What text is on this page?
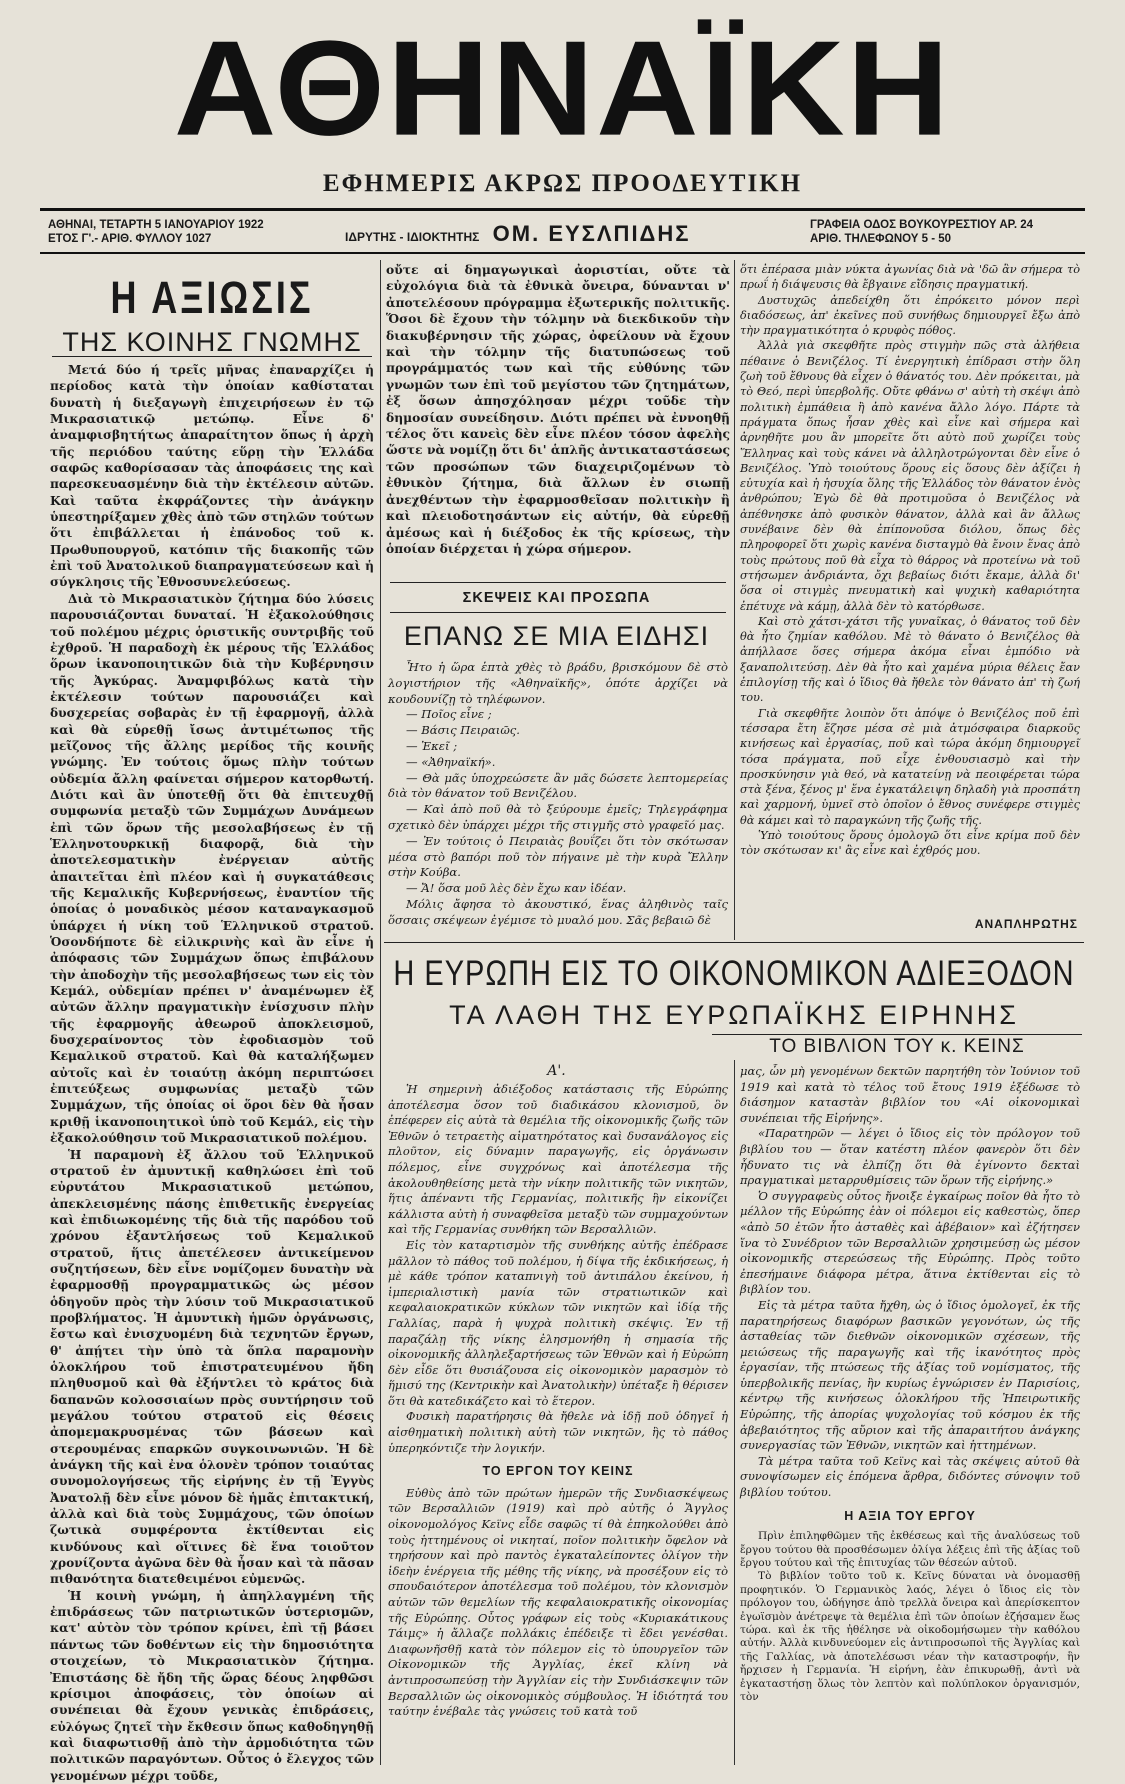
ΑΘΗΝΑΪΚΗ
ΕΦΗΜΕΡΙΣ ΑΚΡΩΣ ΠΡΟΟΔΕΥΤΙΚΗ
ΑΘΗΝΑΙ, ΤΕΤΑΡΤΗ 5 ΙΑΝΟΥΑΡΙΟΥ 1922
ΕΤΟΣ Γ'.- ΑΡΙΘ. ΦΥΛΛΟΥ 1027	ΙΔΡΥΤΗΣ - ΙΔΙΟΚΤΗΤΗΣ ΟΜ. ΕΥΣΛΠΙΔΗΣ	ΓΡΑΦΕΙΑ ΟΔΟΣ ΒΟΥΚΟΥΡΕΣΤΙΟΥ ΑΡ. 24
ΑΡΙΘ. ΤΗΛΕΦΩΝΟΥ 5 - 50
Η ΑΞΙΩΣΙΣ
ΤΗΣ ΚΟΙΝΗΣ ΓΝΩΜΗΣ

Μετά δύο ή τρεῖς μῆνας ἐπαναρχίζει ἡ περίοδος κατὰ τὴν ὁποίαν καθίσταται δυνατὴ ἡ διεξαγωγὴ ἐπιχειρήσεων ἐν τῷ Μικρασιατικῷ μετώπῳ. Εἶνε δ' ἀναμφισβητήτως ἀπαραίτητον ὅπως ἡ ἀρχὴ τῆς περιόδου ταύτης εὕρῃ τὴν Ἑλλάδα σαφῶς καθορίσασαν τὰς ἀποφάσεις της καὶ παρεσκευασμένην διὰ τὴν ἐκτέλεσιν αὐτῶν. Καὶ ταῦτα ἐκφράζοντες τὴν ἀνάγκην ὑπεστηρίξαμεν χθὲς ἀπὸ τῶν στηλῶν τούτων ὅτι ἐπιβάλλεται ἡ ἐπάνοδος τοῦ κ. Πρωθυπουργοῦ, κατόπιν τῆς διακοπῆς τῶν ἐπὶ τοῦ Ἀνατολικοῦ διαπραγματεύσεων καὶ ἡ σύγκλησις τῆς Ἐθνοσυνελεύσεως.

Διὰ τὸ Μικρασιατικὸν ζήτημα δύο λύσεις παρουσιάζονται δυναταί. Ἡ ἐξακολούθησις τοῦ πολέμου μέχρις ὁριστικῆς συντριβῆς τοῦ ἐχθροῦ. Ἡ παραδοχὴ ἐκ μέρους τῆς Ἑλλάδος ὅρων ἱκανοποιητικῶν διὰ τὴν Κυβέρνησιν τῆς Ἀγκύρας. Ἀναμφιβόλως κατὰ τὴν ἐκτέλεσιν τούτων παρουσιάζει καὶ δυσχερείας σοβαρὰς ἐν τῇ ἐφαρμογῇ, ἀλλὰ καὶ θὰ εὑρεθῇ ἴσως ἀντιμέτωπος τῆς μεῖζονος τῆς ἄλλης μερίδος τῆς κοινῆς γνώμης. Ἐν τούτοις ὅμως πλὴν τούτων οὐδεμία ἄλλη φαίνεται σήμερον κατορθωτή. Διότι καὶ ἂν ὑποτεθῇ ὅτι θὰ ἐπιτευχθῇ συμφωνία μεταξὺ τῶν Συμμάχων Δυνάμεων ἐπὶ τῶν ὅρων τῆς μεσολαβήσεως ἐν τῇ Ἑλληνοτουρκικῇ διαφορᾷ, διὰ τὴν ἀποτελεσματικὴν ἐνέργειαν αὐτῆς ἀπαιτεῖται ἐπὶ πλέον καὶ ἡ συγκατάθεσις τῆς Κεμαλικῆς Κυβερνήσεως, ἐναντίον τῆς ὁποίας ὁ μοναδικὸς μέσον καταναγκασμοῦ ὑπάρχει ἡ νίκη τοῦ Ἑλληνικοῦ στρατοῦ. Ὁσονδήποτε δὲ εἰλικρινὴς καὶ ἂν εἶνε ἡ ἀπόφασις τῶν Συμμάχων ὅπως ἐπιβάλουν τὴν ἀποδοχὴν τῆς μεσολαβήσεως των εἰς τὸν Κεμάλ, οὐδεμίαν πρέπει ν' ἀναμένωμεν ἐξ αὐτῶν ἄλλην πραγματικὴν ἐνίσχυσιν πλὴν τῆς ἐφαρμογῆς ἀθεωροῦ ἀποκλεισμοῦ, δυσχεραίνοντος τὸν ἐφοδιασμὸν τοῦ Κεμαλικοῦ στρατοῦ. Καὶ θὰ καταλήξωμεν αὐτοῖς καὶ ἐν τοιαύτῃ ἀκόμη περιπτώσει ἐπιτεύξεως συμφωνίας μεταξὺ τῶν Συμμάχων, τῆς ὁποίας οἱ ὅροι δὲν θὰ ἦσαν κριθῇ ἱκανοποιητικοὶ ὑπὸ τοῦ Κεμάλ, εἰς τὴν ἐξακολούθησιν τοῦ Μικρασιατικοῦ πολέμου.

Ἡ παραμονὴ ἐξ ἄλλου τοῦ Ἑλληνικοῦ στρατοῦ ἐν ἀμυντικῇ καθηλώσει ἐπὶ τοῦ εὐρυτάτου Μικρασιατικοῦ μετώπου, ἀπεκλεισμένης πάσης ἐπιθετικῆς ἐνεργείας καὶ ἐπιδιωκομένης τῆς διὰ τῆς παρόδου τοῦ χρόνου ἐξαντλήσεως τοῦ Κεμαλικοῦ στρατοῦ, ἥτις ἀπετέλεσεν ἀντικείμενον συζητήσεων, δὲν εἶνε νομίζομεν δυνατὴν νὰ ἐφαρμοσθῇ προγραμματικῶς ὡς μέσον ὁδηγοῦν πρὸς τὴν λύσιν τοῦ Μικρασιατικοῦ προβλήματος. Ἡ ἀμυντικὴ ἡμῶν ὀργάνωσις, ἔστω καὶ ἐνισχυομένη διὰ τεχνητῶν ἔργων, θ' ἀπῄτει τὴν ὑπὸ τὰ ὅπλα παραμονὴν ὁλοκλήρου τοῦ ἐπιστρατευμένου ἤδη πληθυσμοῦ καὶ θὰ ἐξήντλει τὸ κράτος διὰ δαπανῶν κολοσσιαίων πρὸς συντήρησιν τοῦ μεγάλου τούτου στρατοῦ εἰς θέσεις ἀπομεμακρυσμένας τῶν βάσεων καὶ στερουμένας επαρκῶν συγκοινωνιῶν. Ἡ δὲ ἀνάγκη τῆς καὶ ἐνα ὁλονὲν τρόπον τοιαύτας συνομολογήσεως τῆς εἰρήνης ἐν τῇ Ἐγγὺς Ἀνατολῇ δὲν εἶνε μόνον δὲ ἡμᾶς ἐπιτακτική, ἀλλὰ καὶ διὰ τοὺς Συμμάχους, τῶν ὁποίων ζωτικὰ συμφέροντα ἐκτίθενται εἰς κινδύνους καὶ οἵτινες δὲ ἕνα τοιοῦτον χρονίζοντα ἀγῶνα δὲν θὰ ἦσαν καὶ τὰ πᾶσαν πιθανότητα διατεθειμένοι εὐμενῶς.

Ἡ κοινὴ γνώμη, ἡ ἀπηλλαγμένη τῆς ἐπιδράσεως τῶν πατριωτικῶν ὑστερισμῶν, κατ' αὐτὸν τὸν τρόπον κρίνει, ἐπὶ τῇ βάσει πάντως τῶν δοθέντων εἰς τὴν δημοσιότητα στοιχείων, τὸ Μικρασιατικὸν ζήτημα. Ἐπιστάσης δὲ ἤδη τῆς ὥρας δέους ληφθῶσι κρίσιμοι ἀποφάσεις, τὸν ὁποίων αἱ συνέπειαι θὰ ἔχουν γενικὰς ἐπιδράσεις, εὐλόγως ζητεῖ τὴν ἔκθεσιν ὅπως καθοδηγηθῇ καὶ διαφωτισθῇ ἀπὸ τὴν ἀρμοδιότητα τῶν πολιτικῶν παραγόντων. Οὗτος ὁ ἔλεγχος τῶν γενομένων μέχρι τοῦδε,

οὔτε αἱ δημαγωγικαὶ ἀοριστίαι, οὔτε τὰ εὐχολόγια διὰ τὰ ἐθνικὰ ὄνειρα, δύνανται ν' ἀποτελέσουν πρόγραμμα ἐξωτερικῆς πολιτικῆς. Ὅσοι δὲ ἔχουν τὴν τόλμην νὰ διεκδικοῦν τὴν διακυβέρνησιν τῆς χώρας, ὀφείλουν νὰ ἔχουν καὶ τὴν τόλμην τῆς διατυπώσεως τοῦ προγράμματός των καὶ τῆς εὐθύνης τῶν γνωμῶν των ἐπὶ τοῦ μεγίστου τῶν ζητημάτων, ἐξ ὅσων ἀπησχόλησαν μέχρι τοῦδε τὴν δημοσίαν συνείδησιν. Διότι πρέπει νὰ ἐννοηθῇ τέλος ὅτι κανεὶς δὲν εἶνε πλέον τόσον ἀφελὴς ὥστε νὰ νομίζῃ ὅτι δι' ἁπλῆς ἀντικαταστάσεως τῶν προσώπων τῶν διαχειριζομένων τὸ ἐθνικὸν ζήτημα, διὰ ἄλλων ἐν σιωπῇ ἀνεχθέντων τὴν ἐφαρμοσθεῖσαν πολιτικὴν ἢ καὶ πλειοδοτησάντων εἰς αὐτήν, θὰ εὑρεθῇ ἀμέσως καὶ ἡ διέξοδος ἐκ τῆς κρίσεως, τὴν ὁποίαν διέρχεται ἡ χώρα σήμερον.

ΣΚΕΨΕΙΣ ΚΑΙ ΠΡΟΣΩΠΑ
ΕΠΑΝΩ ΣΕ ΜΙΑ ΕΙΔΗΣΙ

Ἦτο ἡ ὥρα ἑπτὰ χθὲς τὸ βράδυ, βρισκόμουν δὲ στὸ λογιστήριον τῆς «Ἀθηναϊκῆς», ὁπότε ἀρχίζει νὰ κουδουνίζῃ τὸ τηλέφωνον.

— Ποῖος εἶνε ;

— Βάσις Πειραιῶς.

— Ἐκεῖ ;

— «Ἀθηναϊκή».

— Θὰ μᾶς ὑποχρεώσετε ἂν μᾶς δώσετε λεπτομερείας διὰ τὸν θάνατον τοῦ Βενιζέλου.

— Καὶ ἀπὸ ποῦ θὰ τὸ ξεύρουμε ἐμεῖς; Τηλεγράφημα σχετικὸ δὲν ὑπάρχει μέχρι τῆς στιγμῆς στὸ γραφεῖό μας.

— Ἐν τούτοις ὁ Πειραιὰς βουΐζει ὅτι τὸν σκότωσαν μέσα στὸ βαπόρι ποῦ τὸν πήγαινε μὲ τὴν κυρὰ Ἔλλην στὴν Κούβα.

— Ἄ! ὅσα μοῦ λὲς δὲν ἔχω καν ἰδέαν.

Μόλις ἄφησα τὸ ἀκουστικό, ἕνας ἀληθινὸς ταῖς ὅσσαις σκέψεων ἐγέμισε τὸ μυαλό μου. Σᾶς βεβαιῶ δὲ

ὅτι ἐπέρασα μιὰν νύκτα ἀγωνίας διὰ νὰ 'δῶ ἂν σήμερα τὸ πρωΐ ἡ διάψευσις θὰ ἔβγαινε εἴδησις πραγματική.

Δυστυχῶς ἀπεδείχθη ὅτι ἐπρόκειτο μόνον περὶ διαδόσεως, ἀπ' ἐκεῖνες ποῦ συνήθως δημιουργεῖ ἔξω ἀπὸ τὴν πραγματικότητα ὁ κρυφὸς πόθος.

Ἀλλὰ γιὰ σκεφθῆτε πρὸς στιγμὴν πῶς στὰ ἀλήθεια πέθαινε ὁ Βενιζέλος. Τί ἐνεργητικὴ ἐπίδρασι στὴν ὅλη ζωὴ τοῦ ἔθνους θὰ εἶχεν ὁ θάνατός του. Δὲν πρόκειται, μὰ τὸ Θεό, περὶ ὑπερβολῆς. Οὔτε φθάνω σ' αὐτὴ τὴ σκέψι ἀπὸ πολιτικὴ ἐμπάθεια ἢ ἀπὸ κανένα ἄλλο λόγο. Πάρτε τὰ πράγματα ὅπως ἦσαν χθὲς καὶ εἶνε καὶ σήμερα καὶ ἀρνηθῆτε μου ἂν μπορεῖτε ὅτι αὐτὸ ποῦ χωρίζει τοὺς Ἕλληνας καὶ τοὺς κάνει νὰ ἀλληλοτρώγονται δὲν εἶνε ὁ Βενιζέλος. Ὑπὸ τοιούτους ὅρους εἰς ὅσους δὲν ἀξίζει ἡ εὐτυχία καὶ ἡ ἡσυχία ὅλης τῆς Ἑλλάδος τὸν θάνατον ἑνὸς ἀνθρώπου; Ἐγὼ δὲ θὰ προτιμοῦσα ὁ Βενιζέλος νὰ ἀπέθνησκε ἀπὸ φυσικὸν θάνατον, ἀλλὰ καὶ ἂν ἄλλως συνέβαινε δὲν θὰ ἐπίπονοῦσα διόλου, ὅπως δὲς πληροφορεῖ ὅτι χωρὶς κανένα δισταγμὸ θὰ ἔνοιν ἕνας ἀπὸ τοὺς πρώτους ποῦ θὰ εἶχα τὸ θάρρος νὰ προτείνω νὰ τοῦ στήσωμεν ἀνδριάντα, ὄχι βεβαίως διότι ἔκαμε, ἀλλὰ δι' ὅσα οἱ στιγμὲς πνευματικὴ καὶ ψυχικὴ καθαριότητα ἐπέτυχε νὰ κάμῃ, ἀλλὰ δὲν τὸ κατόρθωσε.

Καὶ στὸ χάτσι-χάτσι τῆς γυναῖκας, ὁ θάνατος τοῦ δὲν θὰ ἦτο ζημίαν καθόλου. Μὲ τὸ θάνατο ὁ Βενιζέλος θὰ ἀπήλλασε ὅσες σήμερα ἀκόμα εἶναι ἐμπόδιο νὰ ξαναπολιτεύσῃ. Δὲν θὰ ἦτο καὶ χαμένα μύρια θέλεις ἔαν ἐπιλογίσῃ τῆς καὶ ὁ ἴδιος θὰ ἤθελε τὸν θάνατο ἀπ' τὴ ζωή του.

Γιὰ σκεφθῆτε λοιπὸν ὅτι ἀπόψε ὁ Βενιζέλος ποῦ ἐπὶ τέσσαρα ἔτη ἔζησε μέσα σὲ μιὰ ἀτμόσφαιρα διαρκοῦς κινήσεως καὶ ἐργασίας, ποῦ καὶ τώρα ἀκόμη δημιουργεῖ τόσα πράγματα, ποῦ εἶχε ἐνθουσιασμὸ καὶ τὴν προσκύνησιν γιὰ θεό, νὰ κατατείνῃ νὰ πεοιφέρεται τώρα στὰ ξένα, ξένος μ' ἕνα ἐγκατάλειψη δηλαδὴ γιὰ προσπάτη καὶ χαρμονή, ὑμνεῖ στὸ ὁποῖον ὁ ἔθνος συνέφερε στιγμὲς θὰ κάμει καὶ τὸ παραγκώνη τῆς ζωῆς τῆς.

Ὑπὸ τοιούτους ὅρους ὁμολογῶ ὅτι εἶνε κρίμα ποῦ δὲν τὸν σκότωσαν κι' ἂς εἶνε καὶ ἐχθρός μου.

ΑΝΑΠΛΗΡΩΤΗΣ
Η ΕΥΡΩΠΗ ΕΙΣ ΤΟ ΟΙΚΟΝΟΜΙΚΟΝ ΑΔΙΕΞΟΔΟΝ
ΤΑ ΛΑΘΗ ΤΗΣ ΕΥΡΩΠΑΪΚΗΣ ΕΙΡΗΝΗΣ
ΤΟ ΒΙΒΛΙΟΝ ΤΟΥ κ. ΚΕΙΝΣ
Α'.

Ἡ σημερινὴ ἀδιέξοδος κατάστασις τῆς Εὐρώπης ἀποτέλεσμα ὅσον τοῦ διαδικάσου κλονισμοῦ, ὃν ἐπέφερεν εἰς αὐτὰ τὰ θεμέλια τῆς οἰκονομικῆς ζωῆς τῶν Ἐθνῶν ὁ τετραετὴς αἱματηρότατος καὶ δυσανάλογος εἰς πλοῦτον, εἰς δύναμιν παραγωγῆς, εἰς ὀργάνωσιν πόλεμος, εἶνε συγχρόνως καὶ ἀποτέλεσμα τῆς ἀκολουθηθείσης μετὰ τὴν νίκην πολιτικῆς τῶν νικητῶν, ἥτις ἀπέναντι τῆς Γερμανίας, πολιτικῆς ἣν εἰκονίζει κάλλιστα αὐτὴ ἡ συναφθεῖσα μεταξὺ τῶν συμμαχούντων καὶ τῆς Γερμανίας συνθήκη τῶν Βερσαλλιῶν.

Εἰς τὸν καταρτισμὸν τῆς συνθήκης αὐτῆς ἐπέδρασε μᾶλλον τὸ πάθος τοῦ πολέμου, ἡ δίψα τῆς ἐκδικήσεως, ἡ μὲ κάθε τρόπον καταπνιγὴ τοῦ ἀντιπάλου ἐκείνου, ἡ ἱμπεριαλιστικὴ μανία τῶν στρατιωτικῶν καὶ κεφαλαιοκρατικῶν κύκλων τῶν νικητῶν καὶ ἰδίᾳ τῆς Γαλλίας, παρὰ ἡ ψυχρὰ πολιτικὴ σκέψις. Ἐν τῇ παραζάλῃ τῆς νίκης ἐλησμονήθη ἡ σημασία τῆς οἰκονομικῆς ἀλληλεξαρτήσεως τῶν Ἐθνῶν καὶ ἡ Εὐρώπη δὲν εἶδε ὅτι θυσιάζουσα εἰς οἰκονομικὸν μαρασμὸν τὸ ἥμισύ της (Κεντρικὴν καὶ Ἀνατολικὴν) ὑπέταξε ἢ θέρισεν ὅτι θὰ κατεδικάζετο καὶ τὸ ἕτερον.

Φυσικὴ παρατήρησις θὰ ἤθελε νὰ ἰδῇ ποῦ ὁδηγεῖ ἡ αἰσθηματικὴ πολιτικὴ αὐτὴ τῶν νικητῶν, ἣς τὸ πάθος ὑπερηκόντιζε τὴν λογικήν.

ΤΟ ΕΡΓΟΝ ΤΟΥ ΚΕΙΝΣ

Εὐθὺς ἀπὸ τῶν πρώτων ἡμερῶν τῆς Συνδιασκέψεως τῶν Βερσαλλιῶν (1919) καὶ πρὸ αὐτῆς ὁ Ἄγγλος οἰκονομολόγος Κεϊνς εἶδε σαφῶς τί θὰ ἐπηκολούθει ἀπὸ τοὺς ἡττημένους οἱ νικηταί, ποῖον πολιτικὴν ὄφελον νὰ τηρήσουν καὶ πρὸ παντὸς ἐγκαταλείποντες ὀλίγον τὴν ἰδεὴν ἐνέργεια τῆς μέθης τῆς νίκης, νὰ προσέξουν εἰς τὸ σπουδαιότερον ἀποτέλεσμα τοῦ πολέμου, τὸν κλονισμὸν αὐτῶν τῶν θεμελίων τῆς κεφαλαιοκρατικῆς οἰκονομίας τῆς Εὐρώπης. Οὗτος γράφων εἰς τοὺς «Κυριακάτικους Τάιμς» ἡ ἄλλαζε πολλάκις ἐπέδειξε τὶ ἔδει γενέσθαι. Διαφωνῆσθῇ κατὰ τὸν πόλεμον εἰς τὸ ὑπουργεῖον τῶν Οἰκονομικῶν τῆς Ἀγγλίας, ἐκεῖ κλίνη νὰ ἀντιπροσωπεύσῃ τὴν Ἀγγλίαν εἰς τὴν Συνδιάσκεψιν τῶν Βερσαλλιῶν ὡς οἰκονομικὸς σύμβουλος. Ἡ ἰδιότητά του ταύτην ἐνέβαλε τὰς γνώσεις τοῦ κατὰ τοῦ

μας, ὧν μὴ γενομένων δεκτῶν παρητήθη τὸν Ἰούνιον τοῦ 1919 καὶ κατὰ τὸ τέλος τοῦ ἔτους 1919 ἐξέδωσε τὸ διάσημον καταστὰν βιβλίον του «Αἱ οἰκονομικαὶ συνέπειαι τῆς Εἰρήνης».

«Παρατηρῶν — λέγει ὁ ἴδιος εἰς τὸν πρόλογον τοῦ βιβλίου του — ὅταν κατέστη πλέον φανερὸν ὅτι δὲν ἦδυνατο τις νὰ ἐλπίζῃ ὅτι θὰ ἐγίνοντο δεκταὶ πραγματικαὶ μεταρρυθμίσεις τῶν ὅρων τῆς εἰρήνης.»

Ὁ συγγραφεὺς οὗτος ἤνοιξε ἐγκαίρως ποῖον θὰ ἦτο τὸ μέλλον τῆς Εὐρώπης ἐὰν οἱ πόλεμοι εἰς καθεστὼς, ὅπερ «ἀπὸ 50 ἐτῶν ἦτο ἀσταθὲς καὶ ἀβέβαιον» καὶ ἐζήτησεν ἵνα τὸ Συνέδριον τῶν Βερσαλλιῶν χρησιμεύσῃ ὡς μέσον οἰκονομικῆς στερεώσεως τῆς Εὐρώπης. Πρὸς τοῦτο ἐπεσήμαινε διάφορα μέτρα, ἅτινα ἐκτίθενται εἰς τὸ βιβλίον του.

Εἰς τὰ μέτρα ταῦτα ἤχθη, ὡς ὁ ἴδιος ὁμολογεῖ, ἐκ τῆς παρατηρήσεως διαφόρων βασικῶν γεγονότων, ὡς τῆς ἀσταθείας τῶν διεθνῶν οἰκονομικῶν σχέσεων, τῆς μειώσεως τῆς παραγωγῆς καὶ τῆς ἱκανότητος πρὸς ἐργασίαν, τῆς πτώσεως τῆς ἀξίας τοῦ νομίσματος, τῆς ὑπερβολικῆς πενίας, ἣν κυρίως ἐγνώρισεν ἐν Παρισίοις, κέντρῳ τῆς κινήσεως ὁλοκλήρου τῆς Ἠπειρωτικῆς Εὐρώπης, τῆς ἀπορίας ψυχολογίας τοῦ κόσμου ἐκ τῆς ἀβεβαιότητος τῆς αὔριον καὶ τῆς ἀπαραιτήτου ἀνάγκης συνεργασίας τῶν Ἐθνῶν, νικητῶν καὶ ἡττημένων.

Τὰ μέτρα ταῦτα τοῦ Κεϊνς καὶ τὰς σκέψεις αὐτοῦ θὰ συνοψίσωμεν εἰς ἑπόμενα ἄρθρα, διδόντες σύνοψιν τοῦ βιβλίου τούτου.

Η ΑΞΙΑ ΤΟΥ ΕΡΓΟΥ

Πρὶν ἐπιληφθῶμεν τῆς ἐκθέσεως καὶ τῆς ἀναλύσεως τοῦ ἔργου τούτου θὰ προσθέσωμεν ὀλίγα λέξεις ἐπὶ τῆς ἀξίας τοῦ ἔργου τούτου καὶ τῆς ἐπιτυχίας τῶν θέσεών αὐτοῦ.

Τὸ βιβλίον τοῦτο τοῦ κ. Κεϊνς δύναται νὰ ὀνομασθῇ προφητικόν. Ὁ Γερμανικὸς λαός, λέγει ὁ ἴδιος εἰς τὸν πρόλογον του, ὡδήγησε ἀπὸ τρελλὰ ὄνειρα καὶ ἀπερίσκεπτον ἐγωϊσμὸν ἀνέτρεψε τὰ θεμέλια ἐπὶ τῶν ὁποίων ἐζήσαμεν ἕως τώρα. καὶ ἐκ τῆς ἠθέλησε νὰ οἰκοδομήσωμεν τὴν καθόλου αὐτήν. Ἀλλὰ κινδυνεύομεν εἰς ἀντιπροσωποὶ τῆς Ἀγγλίας καὶ τῆς Γαλλίας, νὰ ἀποτελέσωσι νέαν τὴν καταστροφήν, ἣν ἤρχισεν ἡ Γερμανία. Ἡ εἰρήνη, ἐὰν ἐπικυρωθῇ, ἀντὶ νὰ ἐγκαταστήσῃ ὅλως τὸν λεπτὸν καὶ πολύπλοκον ὀργανισμόν, τὸν
